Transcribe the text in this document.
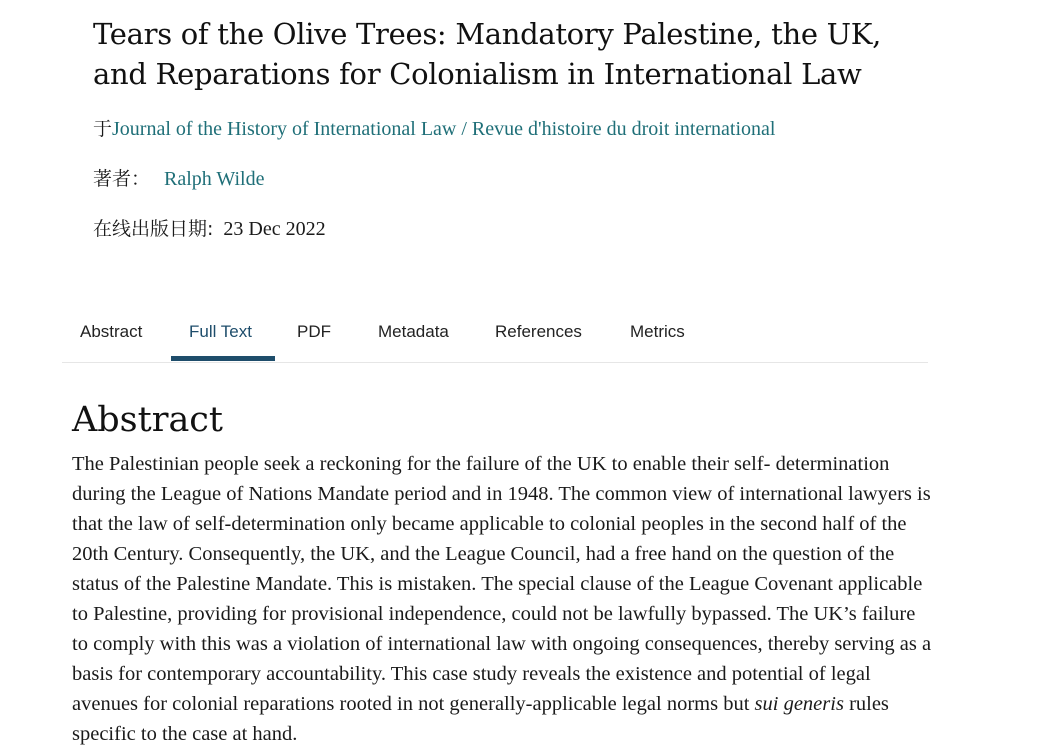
Tears of the Olive Trees: Mandatory Palestine, the UK, and Reparations for Colonialism in International Law
于Journal of the History of International Law / Revue d'histoire du droit international
著者： Ralph Wilde
在线出版日期: 23 Dec 2022
Abstract	Full Text	PDF	Metadata	References	Metrics
Abstract

The Palestinian people seek a reckoning for the failure of the UK to enable their self- determination during the League of Nations Mandate period and in 1948. The common view of international lawyers is that the law of self-determination only became applicable to colonial peoples in the second half of the 20th Century. Consequently, the UK, and the League Council, had a free hand on the question of the status of the Palestine Mandate. This is mistaken. The special clause of the League Covenant applicable to Palestine, providing for provisional independence, could not be lawfully bypassed. The UK’s failure to comply with this was a violation of international law with ongoing consequences, thereby serving as a basis for contemporary accountability. This case study reveals the existence and potential of legal avenues for colonial reparations rooted in not generally-applicable legal norms but sui generis rules specific to the case at hand.
